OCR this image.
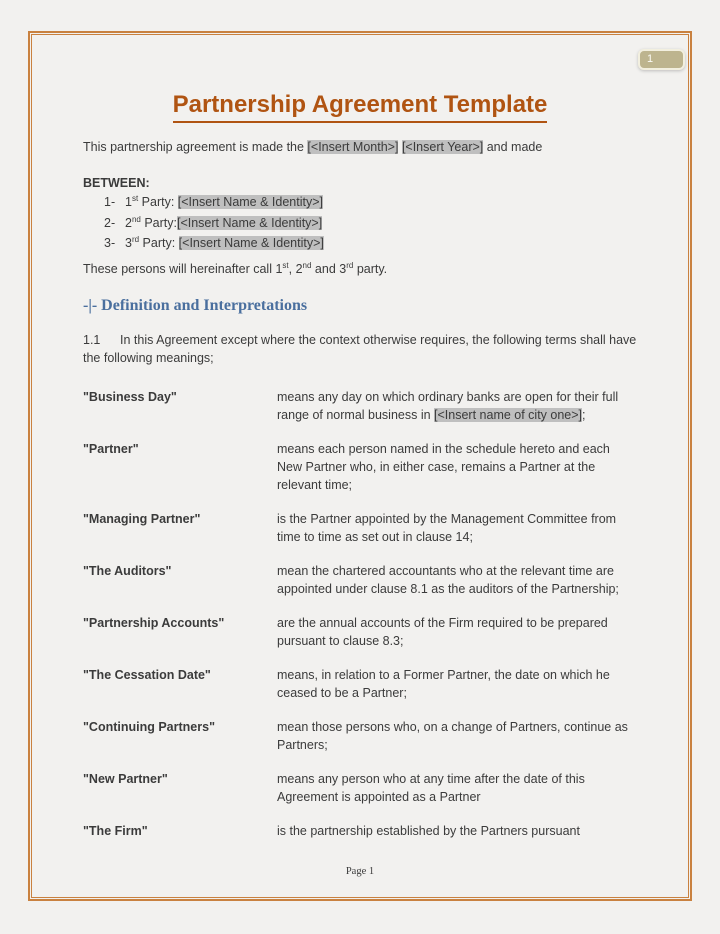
1
Partnership Agreement Template

This partnership agreement is made the [<Insert Month>] [<Insert Year>] and made

BETWEEN:

1- 1st Party: [<Insert Name & Identity>]
2- 2nd Party:[<Insert Name & Identity>]
3- 3rd Party: [<Insert Name & Identity>]

These persons will hereinafter call 1st, 2nd and 3rd party.

-|- Definition and Interpretations

1.1 In this Agreement except where the context otherwise requires, the following terms shall have the following meanings;

"Business Day"	means any day on which ordinary banks are open for their full range of normal business in [<Insert name of city one>];
"Partner"	means each person named in the schedule hereto and each New Partner who, in either case, remains a Partner at the relevant time;
"Managing Partner"	is the Partner appointed by the Management Committee from time to time as set out in clause 14;
"The Auditors"	mean the chartered accountants who at the relevant time are appointed under clause 8.1 as the auditors of the Partnership;
"Partnership Accounts"	are the annual accounts of the Firm required to be prepared pursuant to clause 8.3;
"The Cessation Date"	means, in relation to a Former Partner, the date on which he ceased to be a Partner;
"Continuing Partners"	mean those persons who, on a change of Partners, continue as Partners;
"New Partner"	means any person who at any time after the date of this Agreement is appointed as a Partner
"The Firm"	is the partnership established by the Partners pursuant
Page 1
